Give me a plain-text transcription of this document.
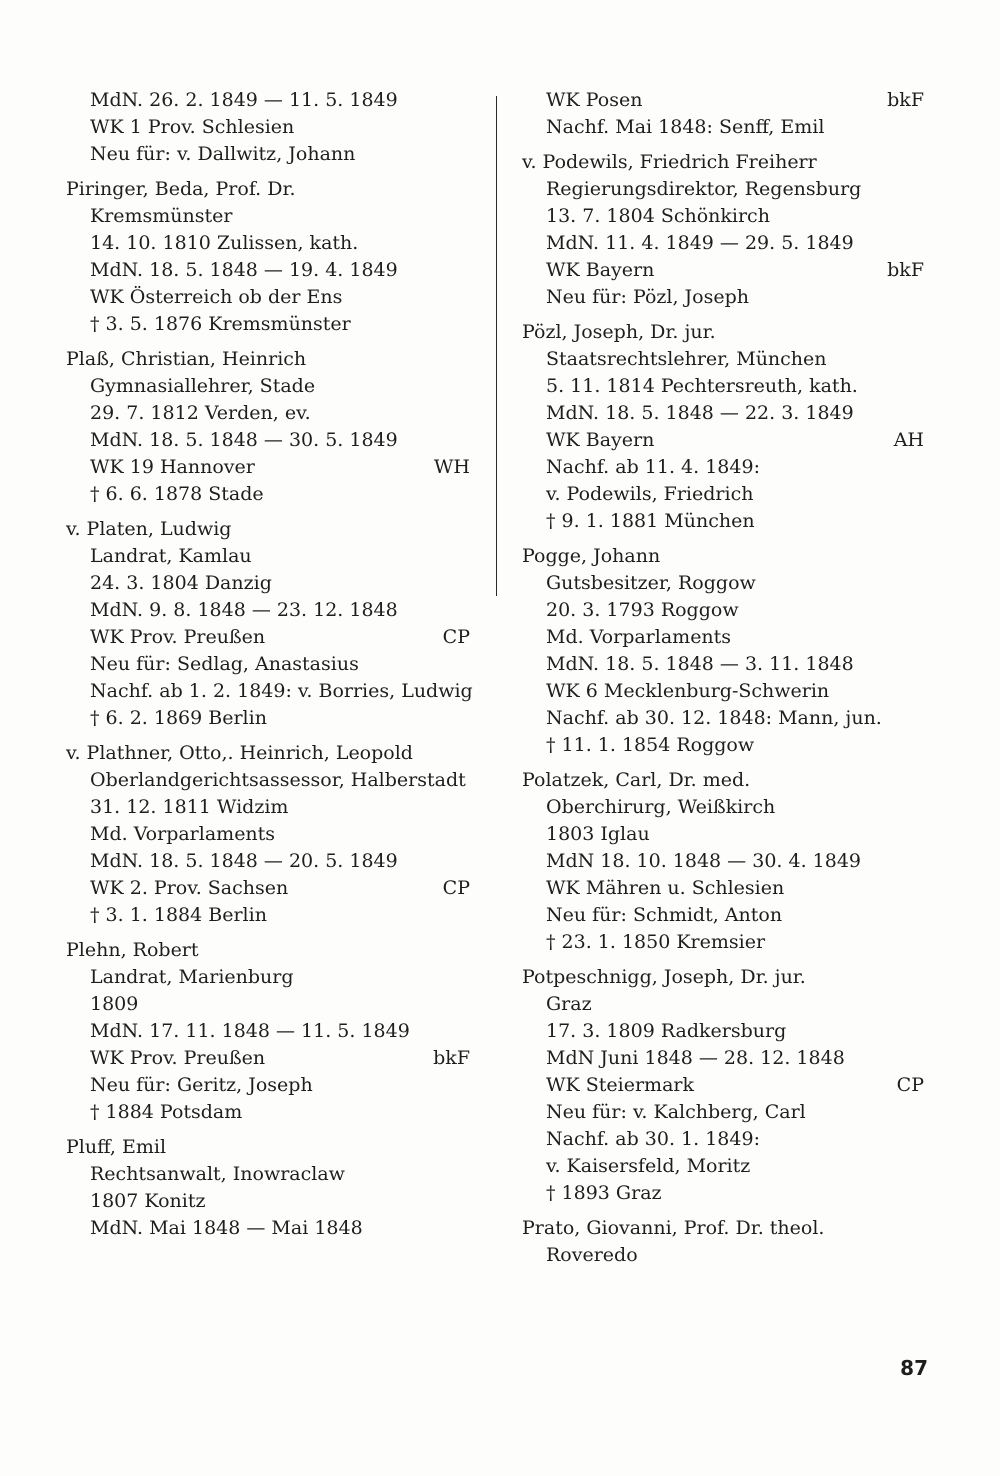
MdN. 26. 2. 1849 — 11. 5. 1849
WK 1 Prov. Schlesien
Neu für: v. Dallwitz, Johann
Piringer, Beda, Prof. Dr.
Kremsmünster
14. 10. 1810 Zulissen, kath.
MdN. 18. 5. 1848 — 19. 4. 1849
WK Österreich ob der Ens
† 3. 5. 1876 Kremsmünster
Plaß, Christian, Heinrich
Gymnasiallehrer, Stade
29. 7. 1812 Verden, ev.
MdN. 18. 5. 1848 — 30. 5. 1849
WK 19 Hannover	WH
† 6. 6. 1878 Stade
v. Platen, Ludwig
Landrat, Kamlau
24. 3. 1804 Danzig
MdN. 9. 8. 1848 — 23. 12. 1848
WK Prov. Preußen	CP
Neu für: Sedlag, Anastasius
Nachf. ab 1. 2. 1849: v. Borries, Ludwig
† 6. 2. 1869 Berlin
v. Plathner, Otto,. Heinrich, Leopold
Oberlandgerichtsassessor, Halberstadt
31. 12. 1811 Widzim
Md. Vorparlaments
MdN. 18. 5. 1848 — 20. 5. 1849
WK 2. Prov. Sachsen	CP
† 3. 1. 1884 Berlin
Plehn, Robert
Landrat, Marienburg
1809
MdN. 17. 11. 1848 — 11. 5. 1849
WK Prov. Preußen	bkF
Neu für: Geritz, Joseph
† 1884 Potsdam
Pluff, Emil
Rechtsanwalt, Inowraclaw
1807 Konitz
MdN. Mai 1848 — Mai 1848
WK Posen	bkF
Nachf. Mai 1848: Senff, Emil
v. Podewils, Friedrich Freiherr
Regierungsdirektor, Regensburg
13. 7. 1804 Schönkirch
MdN. 11. 4. 1849 — 29. 5. 1849
WK Bayern	bkF
Neu für: Pözl, Joseph
Pözl, Joseph, Dr. jur.
Staatsrechtslehrer, München
5. 11. 1814 Pechtersreuth, kath.
MdN. 18. 5. 1848 — 22. 3. 1849
WK Bayern	AH
Nachf. ab 11. 4. 1849:
v. Podewils, Friedrich
† 9. 1. 1881 München
Pogge, Johann
Gutsbesitzer, Roggow
20. 3. 1793 Roggow
Md. Vorparlaments
MdN. 18. 5. 1848 — 3. 11. 1848
WK 6 Mecklenburg-Schwerin
Nachf. ab 30. 12. 1848: Mann, jun.
† 11. 1. 1854 Roggow
Polatzek, Carl, Dr. med.
Oberchirurg, Weißkirch
1803 Iglau
MdN 18. 10. 1848 — 30. 4. 1849
WK Mähren u. Schlesien
Neu für: Schmidt, Anton
† 23. 1. 1850 Kremsier
Potpeschnigg, Joseph, Dr. jur.
Graz
17. 3. 1809 Radkersburg
MdN Juni 1848 — 28. 12. 1848
WK Steiermark	CP
Neu für: v. Kalchberg, Carl
Nachf. ab 30. 1. 1849:
v. Kaisersfeld, Moritz
† 1893 Graz
Prato, Giovanni, Prof. Dr. theol.
Roveredo
87
